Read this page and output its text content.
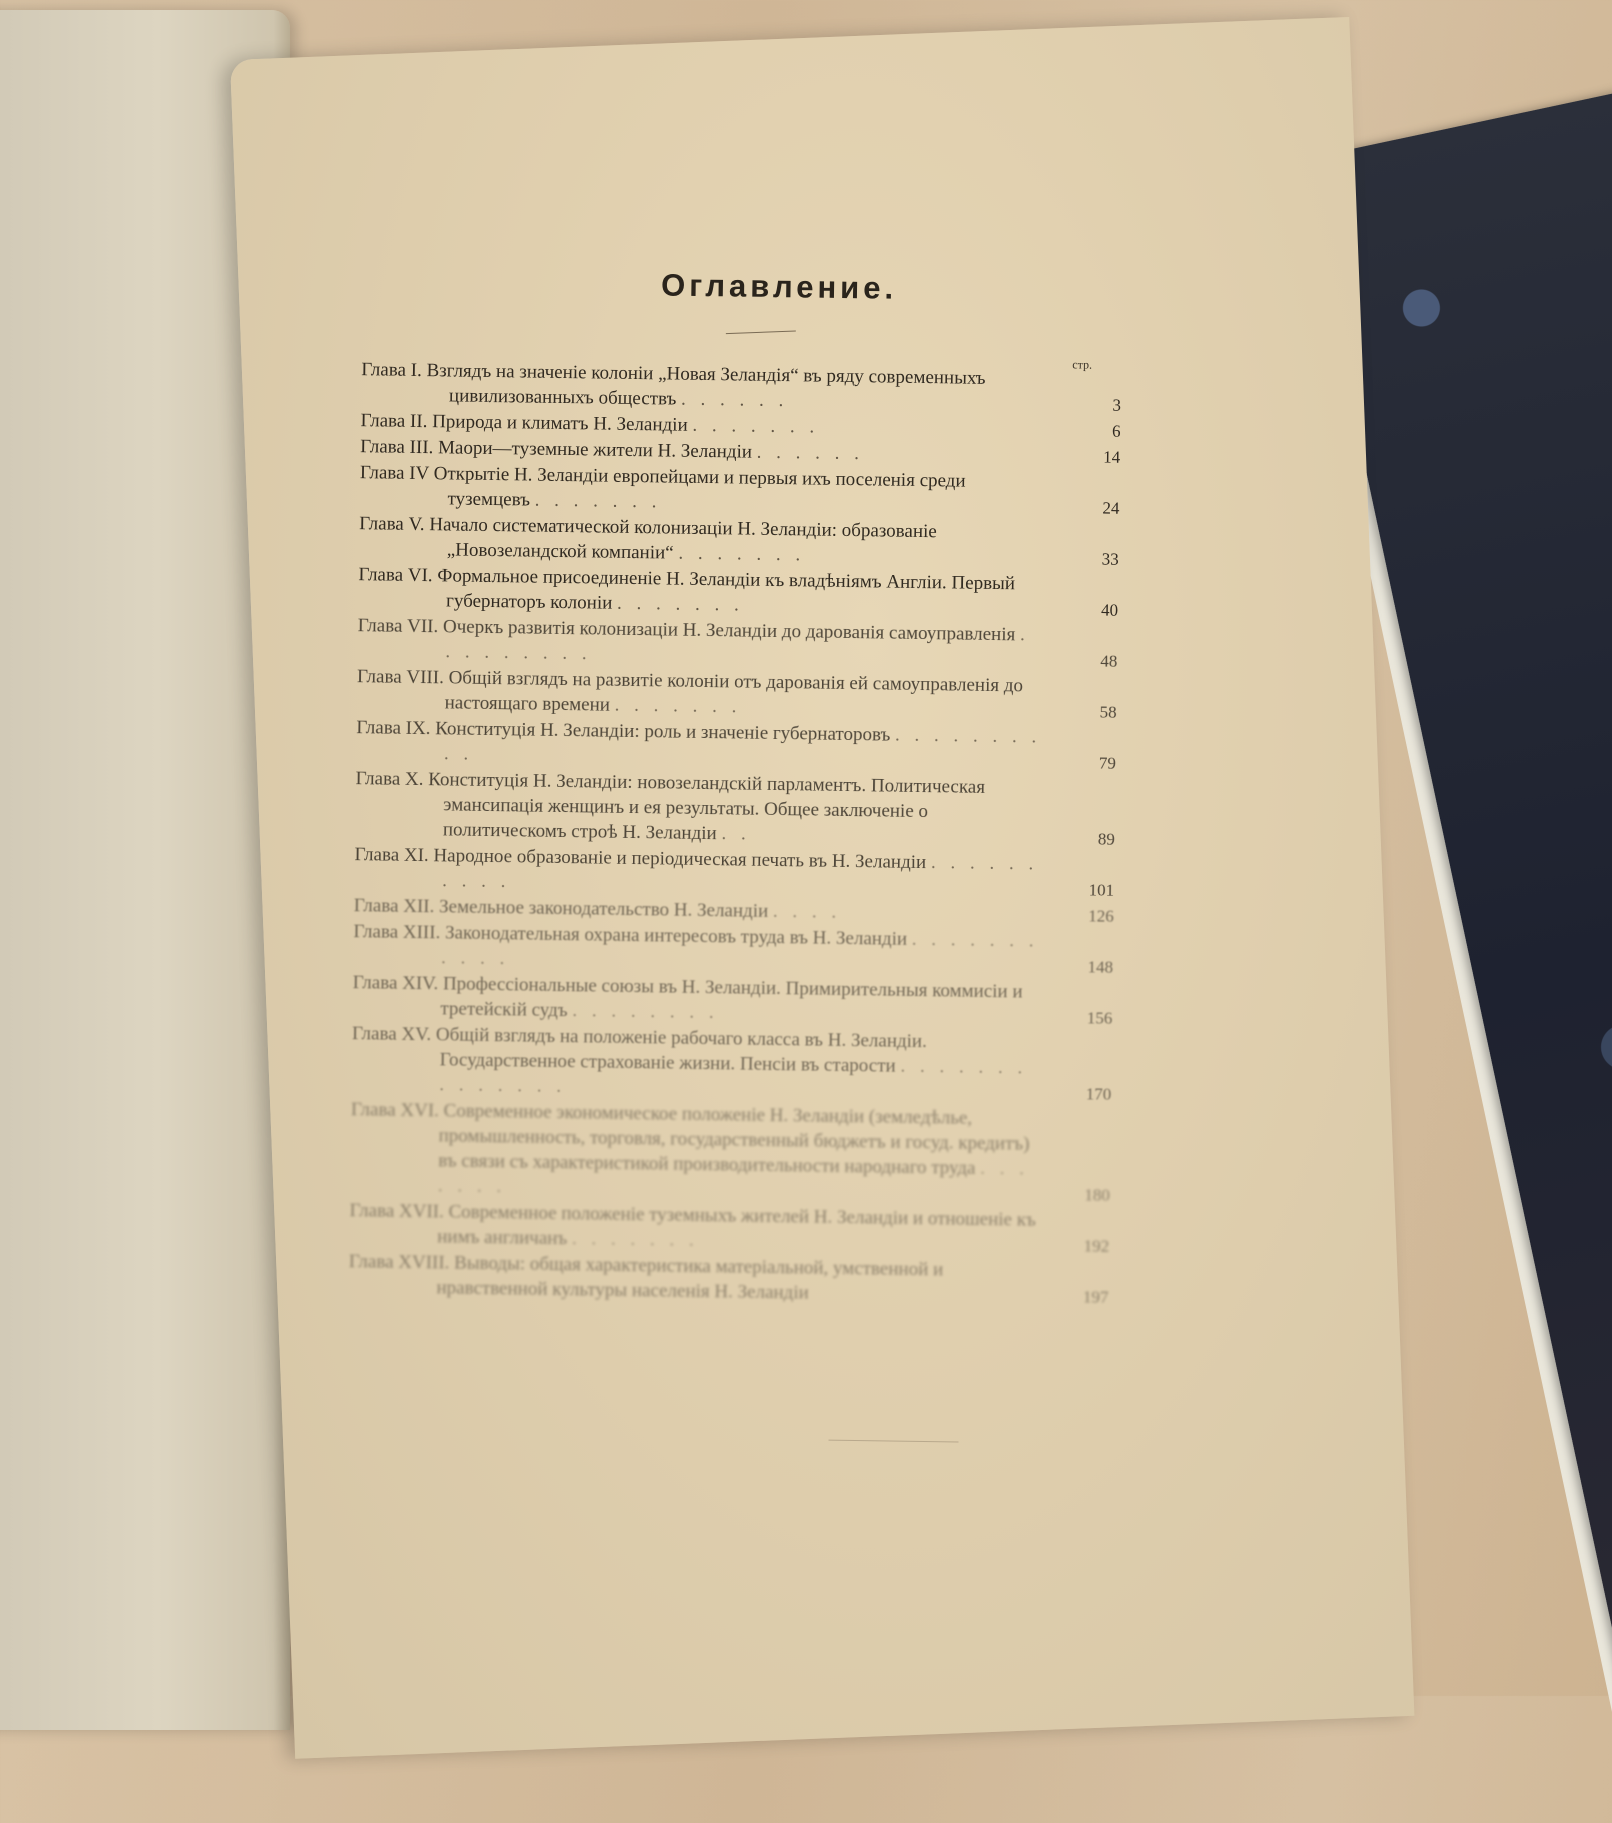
Оглавление.
стр.
Глава I. Взглядъ на значеніе колоніи „Новая Зеландія“ въ ряду современныхъ цивилизованныхъ обществъ . . . . . .	3
Глава II. Природа и климатъ Н. Зеландіи . . . . . . .	6
Глава III. Маори—туземные жители Н. Зеландіи . . . . . .	14
Глава IV Открытіе Н. Зеландіи европейцами и первыя ихъ поселенія среди туземцевъ . . . . . . .	24
Глава V. Начало систематической колонизаціи Н. Зеландіи: образованіе „Новозеландской компаніи“ . . . . . . .	33
Глава VI. Формальное присоединеніе Н. Зеландіи къ владѣніямъ Англіи. Первый губернаторъ колоніи . . . . . . .	40
Глава VII. Очеркъ развитія колонизаціи Н. Зеландіи до дарованія самоуправленія . . . . . . . . .	48
Глава VIII. Общій взглядъ на развитіе колоніи отъ дарованія ей самоуправленія до настоящаго времени . . . . . . .	58
Глава IX. Конституція Н. Зеландіи: роль и значеніе губернаторовъ . . . . . . . . . .	79
Глава X. Конституція Н. Зеландіи: новозеландскій парламентъ. Политическая эмансипація женщинъ и ея результаты. Общее заключеніе о политическомъ строѣ Н. Зеландіи . .	89
Глава XI. Народное образованіе и періодическая печать въ Н. Зеландіи . . . . . . . . . .	101
Глава XII. Земельное законодательство Н. Зеландіи . . . .	126
Глава XIII. Законодательная охрана интересовъ труда въ Н. Зеландіи . . . . . . . . . . .	148
Глава XIV. Профессіональные союзы въ Н. Зеландіи. Примирительныя коммисіи и третейскій судъ . . . . . . . .	156
Глава XV. Общій взглядъ на положеніе рабочаго класса въ Н. Зеландіи. Государственное страхованіе жизни. Пенсіи въ старости . . . . . . . . . . . . . .	170
Глава XVI. Современное экономическое положеніе Н. Зеландіи (земледѣлье, промышленность, торговля, государственный бюджетъ и госуд. кредитъ) въ связи съ характеристикой производительности народнаго труда . . . . . . .	180
Глава XVII. Современное положеніе туземныхъ жителей Н. Зеландіи и отношеніе къ нимъ англичанъ . . . . . . .	192
Глава XVIII. Выводы: общая характеристика матеріальной, умственной и нравственной культуры населенія Н. Зеландіи	197
